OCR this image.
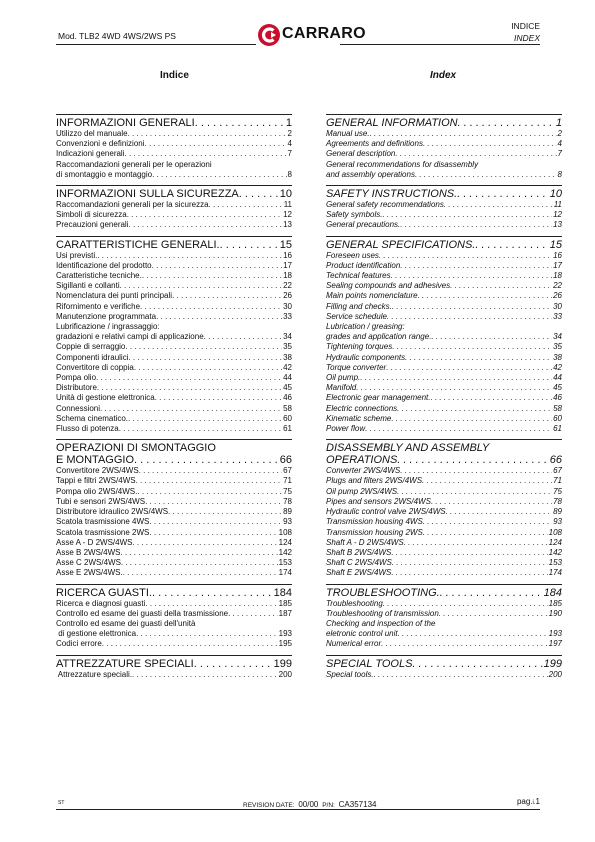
Mod. TLB2 4WD 4WS/2WS PS	CARRARO	INDICE
INDEX
Indice	Index
INFORMAZIONI GENERALI . . .	1
Utilizzo del manuale . . .	2
Convenzioni e definizioni . . .	4
Indicazioni generali . . .	7
Raccomandazioni generali per le operazioni
di smontaggio e montaggio . . .	8
INFORMAZIONI SULLA SICUREZZA . . .	10
Raccomandazioni generali per la sicurezza . . .	11
Simboli di sicurezza . . .	12
Precauzioni generali . . .	13
CARATTERISTICHE GENERALI. . . .	15
Usi previsti. . . .	16
Identificazione del prodotto . . .	17
Caratteristiche tecniche. . . .	18
Sigillanti e collanti . . .	22
Nomenclatura dei punti principali . . .	26
Rifornimento e verifiche . . .	30
Manutenzione programmata . . .	33
Lubrificazione / ingrassaggio:
gradazioni e relativi campi di applicazione . . .	34
Coppie di serraggio . . .	35
Componenti idraulici . . .	38
Convertitore di coppia . . .	42
Pompa olio . . .	44
Distributore . . .	45
Unità di gestione elettronica . . .	46
Connessioni . . .	58
Schema cinematico. . . .	60
Flusso di potenza . . .	61
OPERAZIONI DI SMONTAGGIO
E MONTAGGIO . . .	66
Convertitore 2WS/4WS . . .	67
Tappi e filtri 2WS/4WS . . .	71
Pompa olio 2WS/4WS. . . .	75
Tubi e sensori 2WS/4WS . . .	78
Distributore idraulico 2WS/4WS . . .	89
Scatola trasmissione 4WS . . .	93
Scatola trasmissione 2WS . . .	108
Asse A - D 2WS/4WS . . .	124
Asse B 2WS/4WS . . .	142
Asse C 2WS/4WS . . .	153
Asse E 2WS/4WS. . . .	174
RICERCA GUASTI. . . .	184
Ricerca e diagnosi guasti . . .	185
Controllo ed esame dei guasti della trasmissione . . .	187
Controllo ed esame dei guasti dell'unità
di gestione elettronica . . .	193
Codici errore . . .	195
ATTREZZATURE SPECIALI . . .	199
Attrezzature speciali. . . .	200
GENERAL INFORMATION . . .	1
Manual use. . . .	2
Agreements and definitions . . .	4
General description . . .	7
General recommendations for disassembly
and assembly operations . . .	8
SAFETY INSTRUCTIONS. . . .	10
General safety recommendations . . .	11
Safety symbols. . . .	12
General precautions. . . .	13
GENERAL SPECIFICATIONS. . . .	15
Foreseen uses . . .	16
Product identification . . .	17
Technical features . . .	18
Sealing compounds and adhesives . . .	22
Main points nomenclature . . .	26
Filling and checks. . . .	30
Service schedule . . .	33
Lubrication / greasing:
grades and application range. . . .	34
Tightening torques . . .	35
Hydraulic components . . .	38
Torque converter . . .	42
Oil pump. . . .	44
Manifold . . .	45
Electronic gear management. . . .	46
Electric connections . . .	58
Kinematic scheme . . .	60
Power flow . . .	61
DISASSEMBLY AND ASSEMBLY
OPERATIONS . . .	66
Converter 2WS/4WS . . .	67
Plugs and filters 2WS/4WS . . .	71
Oil pump 2WS/4WS . . .	75
Pipes and sensors 2WS/4WS . . .	78
Hydraulic control valve 2WS/4WS . . .	89
Transmission housing 4WS . . .	93
Transmission housing 2WS . . .	108
Shaft A - D 2WS/4WS . . .	124
Shaft B 2WS/4WS . . .	142
Shaft C 2WS/4WS . . .	153
Shaft E 2WS/4WS . . .	174
TROUBLESHOOTING. . . .	184
Troubleshooting . . .	185
Troubleshooting of transmission . . .	190
Checking and inspection of the
eletronic control unit . . .	193
Numerical error . . .	197
SPECIAL TOOLS . . .	199
Special tools. . . .	200
ST	REVISION DATE: 00/00 P/N: CA357134	pag.i.1
